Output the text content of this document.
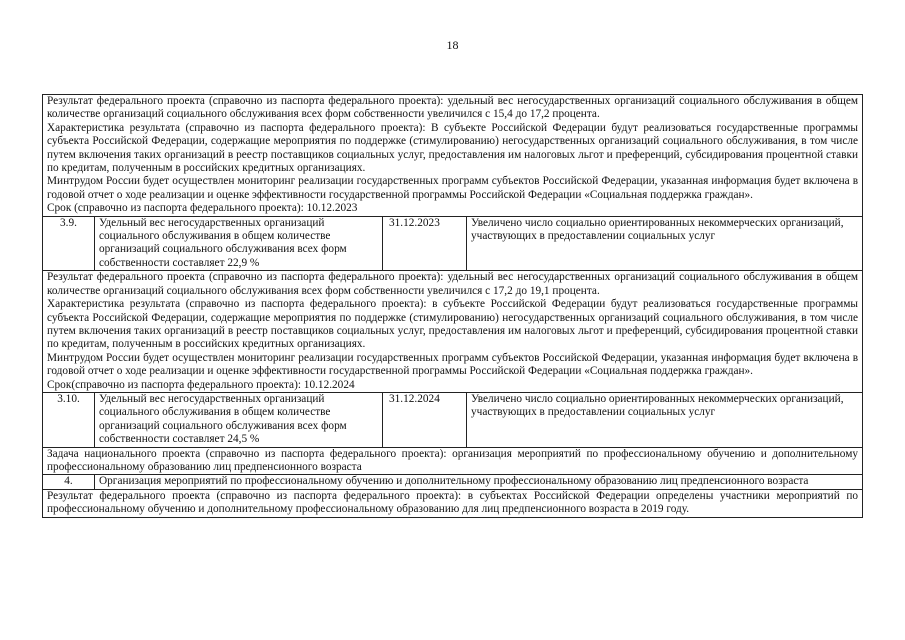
18

Результат федерального проекта (справочно из паспорта федерального проекта): удельный вес негосударственных организаций социального обслуживания в общем количестве организаций социального обслуживания всех форм собственности увеличился с 15,4 до 17,2 процента.

Характеристика результата (справочно из паспорта федерального проекта): В субъекте Российской Федерации будут реализоваться государственные программы субъекта Российской Федерации, содержащие мероприятия по поддержке (стимулированию) негосударственных организаций социального обслуживания, в том числе путем включения таких организаций в реестр поставщиков социальных услуг, предоставления им налоговых льгот и преференций, субсидирования процентной ставки по кредитам, полученным в российских кредитных организациях.

Минтрудом России будет осуществлен мониторинг реализации государственных программ субъектов Российской Федерации, указанная информация будет включена в годовой отчет о ходе реализации и оценке эффективности государственной программы Российской Федерации «Социальная поддержка граждан».

Срок (справочно из паспорта федерального проекта): 10.12.2023			

3.9.	Удельный вес негосударственных организаций социального обслуживания в общем количестве организаций социального обслуживания всех форм собственности составляет 22,9 %	31.12.2023	Увеличено число социально ориентированных некоммерческих организаций, участвующих в предоставлении социальных услуг

Результат федерального проекта (справочно из паспорта федерального проекта): удельный вес негосударственных организаций социального обслуживания в общем количестве организаций социального обслуживания всех форм собственности увеличился с 17,2 до 19,1 процента.

Характеристика результата (справочно из паспорта федерального проекта): в субъекте Российской Федерации будут реализоваться государственные программы субъекта Российской Федерации, содержащие мероприятия по поддержке (стимулированию) негосударственных организаций социального обслуживания, в том числе путем включения таких организаций в реестр поставщиков социальных услуг, предоставления им налоговых льгот и преференций, субсидирования процентной ставки по кредитам, полученным в российских кредитных организациях.

Минтрудом России будет осуществлен мониторинг реализации государственных программ субъектов Российской Федерации, указанная информация будет включена в годовой отчет о ходе реализации и оценке эффективности государственной программы Российской Федерации «Социальная поддержка граждан».

Срок(справочно из паспорта федерального проекта): 10.12.2024			

3.10.	Удельный вес негосударственных организаций социального обслуживания в общем количестве организаций социального обслуживания всех форм собственности составляет 24,5 %	31.12.2024	Увеличено число социально ориентированных некоммерческих организаций, участвующих в предоставлении социальных услуг

Задача национального проекта (справочно из паспорта федерального проекта): организация мероприятий по профессиональному обучению и дополнительному профессиональному образованию лиц предпенсионного возраста			

4.	Организация мероприятий по профессиональному обучению и дополнительному профессиональному образованию лиц предпенсионного возраста		

Результат федерального проекта (справочно из паспорта федерального проекта): в субъектах Российской Федерации определены участники мероприятий по профессиональному обучению и дополнительному профессиональному образованию для лиц предпенсионного возраста в 2019 году.			
